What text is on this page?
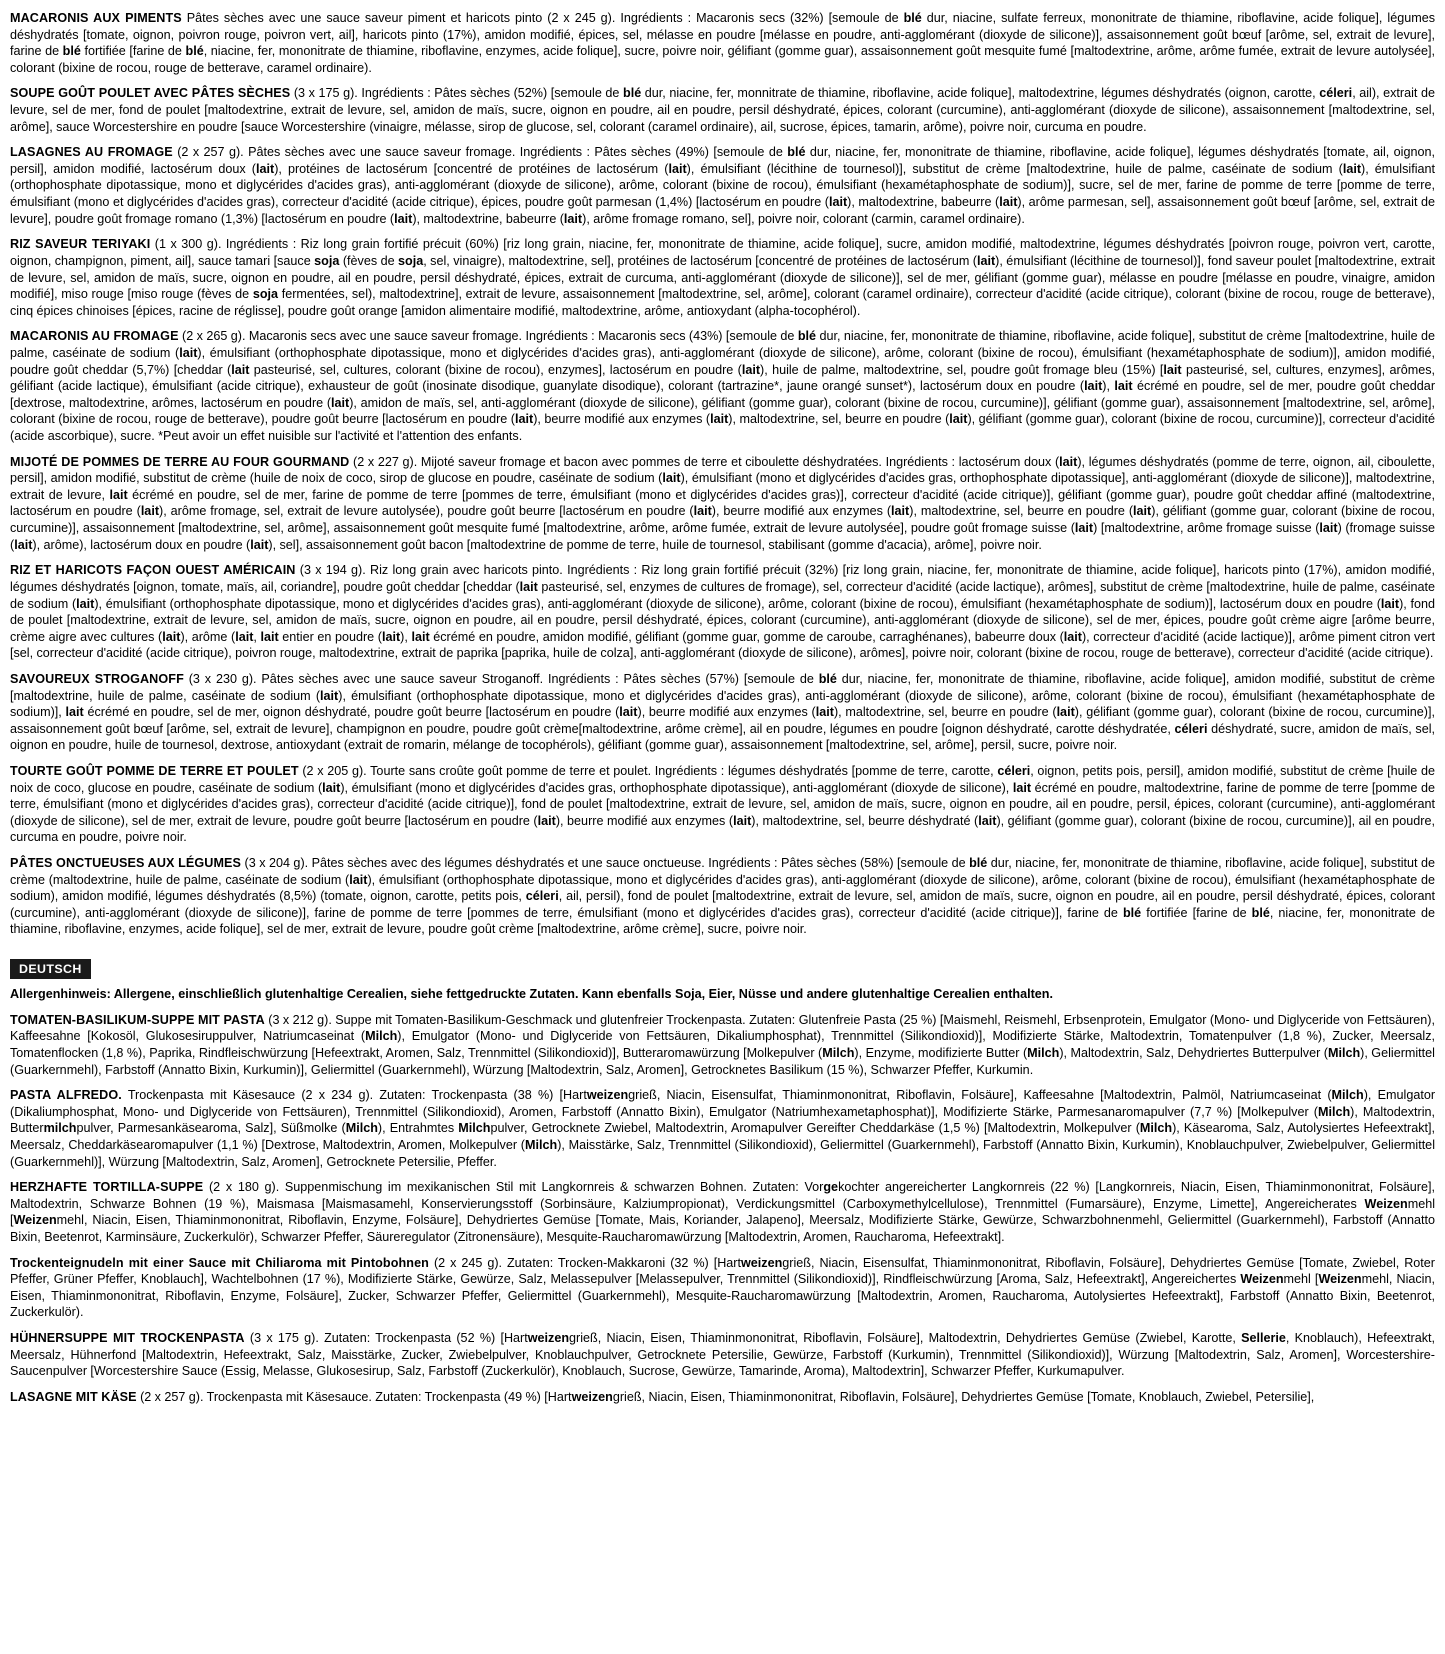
MACARONIS AUX PIMENTS Pâtes sèches avec une sauce saveur piment et haricots pinto (2 x 245 g). Ingrédients : Macaronis secs (32%) [semoule de blé dur, niacine, sulfate ferreux, mononitrate de thiamine, riboflavine, acide folique], légumes déshydratés [tomate, oignon, poivron rouge, poivron vert, ail], haricots pinto (17%), amidon modifié, épices, sel, mélasse en poudre [mélasse en poudre, anti-agglomérant (dioxyde de silicone)], assaisonnement goût bœuf [arôme, sel, extrait de levure], farine de blé fortifiée [farine de blé, niacine, fer, mononitrate de thiamine, riboflavine, enzymes, acide folique], sucre, poivre noir, gélifiant (gomme guar), assaisonnement goût mesquite fumé [maltodextrine, arôme, arôme fumée, extrait de levure autolysée], colorant (bixine de rocou, rouge de betterave, caramel ordinaire).
SOUPE GOÛT POULET AVEC PÂTES SÈCHES (3 x 175 g). Ingrédients : Pâtes sèches (52%) [semoule de blé dur, niacine, fer, monnitrate de thiamine, riboflavine, acide folique], maltodextrine, légumes déshydratés (oignon, carotte, céleri, ail), extrait de levure, sel de mer, fond de poulet [maltodextrine, extrait de levure, sel, amidon de maïs, sucre, oignon en poudre, ail en poudre, persil déshydraté, épices, colorant (curcumine), anti-agglomérant (dioxyde de silicone), assaisonnement [maltodextrine, sel, arôme], sauce Worcestershire en poudre [sauce Worcestershire (vinaigre, mélasse, sirop de glucose, sel, colorant (caramel ordinaire), ail, sucrose, épices, tamarin, arôme), poivre noir, curcuma en poudre.
LASAGNES AU FROMAGE (2 x 257 g). Pâtes sèches avec une sauce saveur fromage. Ingrédients : Pâtes sèches (49%) [semoule de blé dur, niacine, fer, mononitrate de thiamine, riboflavine, acide folique], légumes déshydratés [tomate, ail, oignon, persil], amidon modifié, lactosérum doux (lait), protéines de lactosérum [concentré de protéines de lactosérum (lait), émulsifiant (lécithine de tournesol)], substitut de crème [maltodextrine, huile de palme, caséinate de sodium (lait), émulsifiant (orthophosphate dipotassique, mono et diglycérides d'acides gras), anti-agglomérant (dioxyde de silicone), arôme, colorant (bixine de rocou), émulsifiant (hexamétaphosphate de sodium)], sucre, sel de mer, farine de pomme de terre [pomme de terre, émulsifiant (mono et diglycérides d'acides gras), correcteur d'acidité (acide citrique), épices, poudre goût parmesan (1,4%) [lactosérum en poudre (lait), maltodextrine, babeurre (lait), arôme parmesan, sel], assaisonnement goût bœuf [arôme, sel, extrait de levure], poudre goût fromage romano (1,3%) [lactosérum en poudre (lait), maltodextrine, babeurre (lait), arôme fromage romano, sel], poivre noir, colorant (carmin, caramel ordinaire).
RIZ SAVEUR TERIYAKI (1 x 300 g). Ingrédients : Riz long grain fortifié précuit (60%) [riz long grain, niacine, fer, mononitrate de thiamine, acide folique], sucre, amidon modifié, maltodextrine, légumes déshydratés [poivron rouge, poivron vert, carotte, oignon, champignon, piment, ail], sauce tamari [sauce soja (fèves de soja, sel, vinaigre), maltodextrine, sel], protéines de lactosérum [concentré de protéines de lactosérum (lait), émulsifiant (lécithine de tournesol)], fond saveur poulet [maltodextrine, extrait de levure, sel, amidon de maïs, sucre, oignon en poudre, ail en poudre, persil déshydraté, épices, extrait de curcuma, anti-agglomérant (dioxyde de silicone)], sel de mer, gélifiant (gomme guar), mélasse en poudre [mélasse en poudre, vinaigre, amidon modifié], miso rouge [miso rouge (fèves de soja fermentées, sel), maltodextrine], extrait de levure, assaisonnement [maltodextrine, sel, arôme], colorant (caramel ordinaire), correcteur d'acidité (acide citrique), colorant (bixine de rocou, rouge de betterave), cinq épices chinoises [épices, racine de réglisse], poudre goût orange [amidon alimentaire modifié, maltodextrine, arôme, antioxydant (alpha-tocophérol).
MACARONIS AU FROMAGE (2 x 265 g). Macaronis secs avec une sauce saveur fromage. Ingrédients : Macaronis secs (43%) [semoule de blé dur, niacine, fer, mononitrate de thiamine, riboflavine, acide folique], substitut de crème [maltodextrine, huile de palme, caséinate de sodium (lait), émulsifiant (orthophosphate dipotassique, mono et diglycérides d'acides gras), anti-agglomérant (dioxyde de silicone), arôme, colorant (bixine de rocou), émulsifiant (hexamétaphosphate de sodium)], amidon modifié, poudre goût cheddar (5,7%) [cheddar (lait pasteurisé, sel, cultures, colorant (bixine de rocou), enzymes], lactosérum en poudre (lait), huile de palme, maltodextrine, sel, poudre goût fromage bleu (15%) [lait pasteurisé, sel, cultures, enzymes], arômes, gélifiant (acide lactique), émulsifiant (acide citrique), exhausteur de goût (inosinate disodique, guanylate disodique), colorant (tartrazine*, jaune orangé sunset*), lactosérum doux en poudre (lait), lait écrémé en poudre, sel de mer, poudre goût cheddar [dextrose, maltodextrine, arômes, lactosérum en poudre (lait), amidon de maïs, sel, anti-agglomérant (dioxyde de silicone), gélifiant (gomme guar), colorant (bixine de rocou, curcumine)], gélifiant (gomme guar), assaisonnement [maltodextrine, sel, arôme], colorant (bixine de rocou, rouge de betterave), poudre goût beurre [lactosérum en poudre (lait), beurre modifié aux enzymes (lait), maltodextrine, sel, beurre en poudre (lait), gélifiant (gomme guar), colorant (bixine de rocou, curcumine)], correcteur d'acidité (acide ascorbique), sucre. *Peut avoir un effet nuisible sur l'activité et l'attention des enfants.
MIJOTÉ DE POMMES DE TERRE AU FOUR GOURMAND (2 x 227 g). Mijoté saveur fromage et bacon avec pommes de terre et ciboulette déshydratées. Ingrédients : lactosérum doux (lait), légumes déshydratés (pomme de terre, oignon, ail, ciboulette, persil], amidon modifié, substitut de crème (huile de noix de coco, sirop de glucose en poudre, caséinate de sodium (lait), émulsifiant (mono et diglycérides d'acides gras, orthophosphate dipotassique], anti-agglomérant (dioxyde de silicone)], maltodextrine, extrait de levure, lait écrémé en poudre, sel de mer, farine de pomme de terre [pommes de terre, émulsifiant (mono et diglycérides d'acides gras)], correcteur d'acidité (acide citrique)], gélifiant (gomme guar), poudre goût cheddar affiné (maltodextrine, lactosérum en poudre (lait), arôme fromage, sel, extrait de levure autolysée), poudre goût beurre [lactosérum en poudre (lait), beurre modifié aux enzymes (lait), maltodextrine, sel, beurre en poudre (lait), gélifiant (gomme guar, colorant (bixine de rocou, curcumine)], assaisonnement [maltodextrine, sel, arôme], assaisonnement goût mesquite fumé [maltodextrine, arôme, arôme fumée, extrait de levure autolysée], poudre goût fromage suisse (lait) [maltodextrine, arôme fromage suisse (lait) (fromage suisse (lait), arôme), lactosérum doux en poudre (lait), sel], assaisonnement goût bacon [maltodextrine de pomme de terre, huile de tournesol, stabilisant (gomme d'acacia), arôme], poivre noir.
RIZ ET HARICOTS FAÇON OUEST AMÉRICAIN (3 x 194 g). Riz long grain avec haricots pinto. Ingrédients : Riz long grain fortifié précuit (32%) [riz long grain, niacine, fer, mononitrate de thiamine, acide folique], haricots pinto (17%), amidon modifié, légumes déshydratés [oignon, tomate, maïs, ail, coriandre], poudre goût cheddar [cheddar (lait pasteurisé, sel, enzymes de cultures de fromage), sel, correcteur d'acidité (acide lactique), arômes], substitut de crème [maltodextrine, huile de palme, caséinate de sodium (lait), émulsifiant (orthophosphate dipotassique, mono et diglycérides d'acides gras), anti-agglomérant (dioxyde de silicone), arôme, colorant (bixine de rocou), émulsifiant (hexamétaphosphate de sodium)], lactosérum doux en poudre (lait), fond de poulet [maltodextrine, extrait de levure, sel, amidon de maïs, sucre, oignon en poudre, ail en poudre, persil déshydraté, épices, colorant (curcumine), anti-agglomérant (dioxyde de silicone), sel de mer, épices, poudre goût crème aigre [arôme beurre, crème aigre avec cultures (lait), arôme (lait, lait entier en poudre (lait), lait écrémé en poudre, amidon modifié, gélifiant (gomme guar, gomme de caroube, carraghénanes), babeurre doux (lait), correcteur d'acidité (acide lactique)], arôme piment citron vert [sel, correcteur d'acidité (acide citrique), poivron rouge, maltodextrine, extrait de paprika [paprika, huile de colza], anti-agglomérant (dioxyde de silicone), arômes], poivre noir, colorant (bixine de rocou, rouge de betterave), correcteur d'acidité (acide citrique).
SAVOUREUX STROGANOFF (3 x 230 g). Pâtes sèches avec une sauce saveur Stroganoff. Ingrédients : Pâtes sèches (57%) [semoule de blé dur, niacine, fer, mononitrate de thiamine, riboflavine, acide folique], amidon modifié, substitut de crème [maltodextrine, huile de palme, caséinate de sodium (lait), émulsifiant (orthophosphate dipotassique, mono et diglycérides d'acides gras), anti-agglomérant (dioxyde de silicone), arôme, colorant (bixine de rocou), émulsifiant (hexamétaphosphate de sodium)], lait écrémé en poudre, sel de mer, oignon déshydraté, poudre goût beurre [lactosérum en poudre (lait), beurre modifié aux enzymes (lait), maltodextrine, sel, beurre en poudre (lait), gélifiant (gomme guar), colorant (bixine de rocou, curcumine)], assaisonnement goût bœuf [arôme, sel, extrait de levure], champignon en poudre, poudre goût crème[maltodextrine, arôme crème], ail en poudre, légumes en poudre [oignon déshydraté, carotte déshydratée, céleri déshydraté, sucre, amidon de maïs, sel, oignon en poudre, huile de tournesol, dextrose, antioxydant (extrait de romarin, mélange de tocophérols), gélifiant (gomme guar), assaisonnement [maltodextrine, sel, arôme], persil, sucre, poivre noir.
TOURTE GOÛT POMME DE TERRE ET POULET (2 x 205 g). Tourte sans croûte goût pomme de terre et poulet. Ingrédients : légumes déshydratés [pomme de terre, carotte, céleri, oignon, petits pois, persil], amidon modifié, substitut de crème [huile de noix de coco, glucose en poudre, caséinate de sodium (lait), émulsifiant (mono et diglycérides d'acides gras, orthophosphate dipotassique), anti-agglomérant (dioxyde de silicone), lait écrémé en poudre, maltodextrine, farine de pomme de terre [pomme de terre, émulsifiant (mono et diglycérides d'acides gras), correcteur d'acidité (acide citrique)], fond de poulet [maltodextrine, extrait de levure, sel, amidon de maïs, sucre, oignon en poudre, ail en poudre, persil, épices, colorant (curcumine), anti-agglomérant (dioxyde de silicone), sel de mer, extrait de levure, poudre goût beurre [lactosérum en poudre (lait), beurre modifié aux enzymes (lait), maltodextrine, sel, beurre déshydraté (lait), gélifiant (gomme guar), colorant (bixine de rocou, curcumine)], ail en poudre, curcuma en poudre, poivre noir.
PÂTES ONCTUEUSES AUX LÉGUMES (3 x 204 g). Pâtes sèches avec des légumes déshydratés et une sauce onctueuse. Ingrédients : Pâtes sèches (58%) [semoule de blé dur, niacine, fer, mononitrate de thiamine, riboflavine, acide folique], substitut de crème (maltodextrine, huile de palme, caséinate de sodium (lait), émulsifiant (orthophosphate dipotassique, mono et diglycérides d'acides gras), anti-agglomérant (dioxyde de silicone), arôme, colorant (bixine de rocou), émulsifiant (hexamétaphosphate de sodium), amidon modifié, légumes déshydratés (8,5%) (tomate, oignon, carotte, petits pois, céleri, ail, persil), fond de poulet [maltodextrine, extrait de levure, sel, amidon de maïs, sucre, oignon en poudre, ail en poudre, persil déshydraté, épices, colorant (curcumine), anti-agglomérant (dioxyde de silicone)], farine de pomme de terre [pommes de terre, émulsifiant (mono et diglycérides d'acides gras), correcteur d'acidité (acide citrique)], farine de blé fortifiée [farine de blé, niacine, fer, mononitrate de thiamine, riboflavine, enzymes, acide folique], sel de mer, extrait de levure, poudre goût crème [maltodextrine, arôme crème], sucre, poivre noir.
DEUTSCH
Allergenhinweis: Allergene, einschließlich glutenhaltige Cerealien, siehe fettgedruckte Zutaten. Kann ebenfalls Soja, Eier, Nüsse und andere glutenhaltige Cerealien enthalten.
TOMATEN-BASILIKUM-SUPPE MIT PASTA (3 x 212 g). Suppe mit Tomaten-Basilikum-Geschmack und glutenfreier Trockenpasta. Zutaten: Glutenfreie Pasta (25 %) [Maismehl, Reismehl, Erbsenprotein, Emulgator (Mono- und Diglyceride von Fettsäuren), Kaffeesahne [Kokosöl, Glukosesiruppulver, Natriumcaseinat (Milch), Emulgator (Mono- und Diglyceride von Fettsäuren, Dikaliumphosphat), Trennmittel (Silikondioxid)], Modifizierte Stärke, Maltodextrin, Tomatenpulver (1,8 %), Zucker, Meersalz, Tomatenflocken (1,8 %), Paprika, Rindfleischwürzung [Hefeextrakt, Aromen, Salz, Trennmittel (Silikondioxid)], Butteraromawürzung [Molkepulver (Milch), Enzyme, modifizierte Butter (Milch), Maltodextrin, Salz, Dehydriertes Butterpulver (Milch), Geliermittel (Guarkernmehl), Farbstoff (Annatto Bixin, Kurkumin)], Geliermittel (Guarkernmehl), Würzung [Maltodextrin, Salz, Aromen], Getrocknetes Basilikum (15 %), Schwarzer Pfeffer, Kurkumin.
PASTA ALFREDO. Trockenpasta mit Käsesauce (2 x 234 g). Zutaten: Trockenpasta (38 %) [Hartweizengrieß, Niacin, Eisensulfat, Thiaminmononitrat, Riboflavin, Folsäure], Kaffeesahne [Maltodextrin, Palmöl, Natriumcaseinat (Milch), Emulgator (Dikaliumphosphat, Mono- und Diglyceride von Fettsäuren), Trennmittel (Silikondioxid), Aromen, Farbstoff (Annatto Bixin), Emulgator (Natriumhexametaphosphat)], Modifizierte Stärke, Parmesanaromapulver (7,7 %) [Molkepulver (Milch), Maltodextrin, Buttermilchpulver, Parmesankäsearoma, Salz], Süßmolke (Milch), Entrahmtes Milchpulver, Getrocknete Zwiebel, Maltodextrin, Aromapulver Gereifter Cheddarkäse (1,5 %) [Maltodextrin, Molkepulver (Milch), Käsearoma, Salz, Autolysiertes Hefeextrakt], Meersalz, Cheddarkäsearomapulver (1,1 %) [Dextrose, Maltodextrin, Aromen, Molkepulver (Milch), Maisstärke, Salz, Trennmittel (Silikondioxid), Geliermittel (Guarkernmehl), Farbstoff (Annatto Bixin, Kurkumin), Knoblauchpulver, Zwiebelpulver, Geliermittel (Guarkernmehl)], Würzung [Maltodextrin, Salz, Aromen], Getrocknete Petersilie, Pfeffer.
HERZHAFTE TORTILLA-SUPPE (2 x 180 g). Suppenmischung im mexikanischen Stil mit Langkornreis & schwarzen Bohnen. Zutaten: Vorgekochter angereicherter Langkornreis (22 %) [Langkornreis, Niacin, Eisen, Thiaminmononitrat, Folsäure], Maltodextrin, Schwarze Bohnen (19 %), Maismasa [Maismasamehl, Konservierungsstoff (Sorbinsäure, Kalziumpropionat), Verdickungsmittel (Carboxymethylcellulose), Trennmittel (Fumarsäure), Enzyme, Limette], Angereicherates Weizenmehl [Weizenmehl, Niacin, Eisen, Thiaminmononitrat, Riboflavin, Enzyme, Folsäure], Dehydriertes Gemüse [Tomate, Mais, Koriander, Jalapeno], Meersalz, Modifizierte Stärke, Gewürze, Schwarzbohnenmehl, Geliermittel (Guarkernmehl), Farbstoff (Annatto Bixin, Beetenrot, Karminsäure, Zuckerkulör), Schwarzer Pfeffer, Säureregulator (Zitronensäure), Mesquite-Raucharomawürzung [Maltodextrin, Aromen, Raucharoma, Hefeextrakt].
Trockenteignudeln mit einer Sauce mit Chiliaroma mit Pintobohnen (2 x 245 g). Zutaten: Trocken-Makkaroni (32 %) [Hartweizengrieß, Niacin, Eisensulfat, Thiaminmononitrat, Riboflavin, Folsäure], Dehydriertes Gemüse [Tomate, Zwiebel, Roter Pfeffer, Grüner Pfeffer, Knoblauch], Wachtelbohnen (17 %), Modifizierte Stärke, Gewürze, Salz, Melassepulver [Melassepulver, Trennmittel (Silikondioxid)], Rindfleischwürzung [Aroma, Salz, Hefeextrakt], Angereichertes Weizenmehl [Weizenmehl, Niacin, Eisen, Thiaminmononitrat, Riboflavin, Enzyme, Folsäure], Zucker, Schwarzer Pfeffer, Geliermittel (Guarkernmehl), Mesquite-Raucharomawürzung [Maltodextrin, Aromen, Raucharoma, Autolysiertes Hefeextrakt], Farbstoff (Annatto Bixin, Beetenrot, Zuckerkulör).
HÜHNERSUPPE MIT TROCKENPASTA (3 x 175 g). Zutaten: Trockenpasta (52 %) [Hartweizengrieß, Niacin, Eisen, Thiaminmononitrat, Riboflavin, Folsäure], Maltodextrin, Dehydriertes Gemüse (Zwiebel, Karotte, Sellerie, Knoblauch), Hefeextrakt, Meersalz, Hühnerfond [Maltodextrin, Hefeextrakt, Salz, Maisstärke, Zucker, Zwiebelpulver, Knoblauchpulver, Getrocknete Petersilie, Gewürze, Farbstoff (Kurkumin), Trennmittel (Silikondioxid)], Würzung [Maltodextrin, Salz, Aromen], Worcestershire-Saucenpulver [Worcestershire Sauce (Essig, Melasse, Glukosesirup, Salz, Farbstoff (Zuckerkulör), Knoblauch, Sucrose, Gewürze, Tamarinde, Aroma), Maltodextrin], Schwarzer Pfeffer, Kurkumapulver.
LASAGNE MIT KÄSE (2 x 257 g). Trockenpasta mit Käsesauce. Zutaten: Trockenpasta (49 %) [Hartweizengrieß, Niacin, Eisen, Thiaminmononitrat, Riboflavin, Folsäure], Dehydriertes Gemüse [Tomate, Knoblauch, Zwiebel, Petersilie],
